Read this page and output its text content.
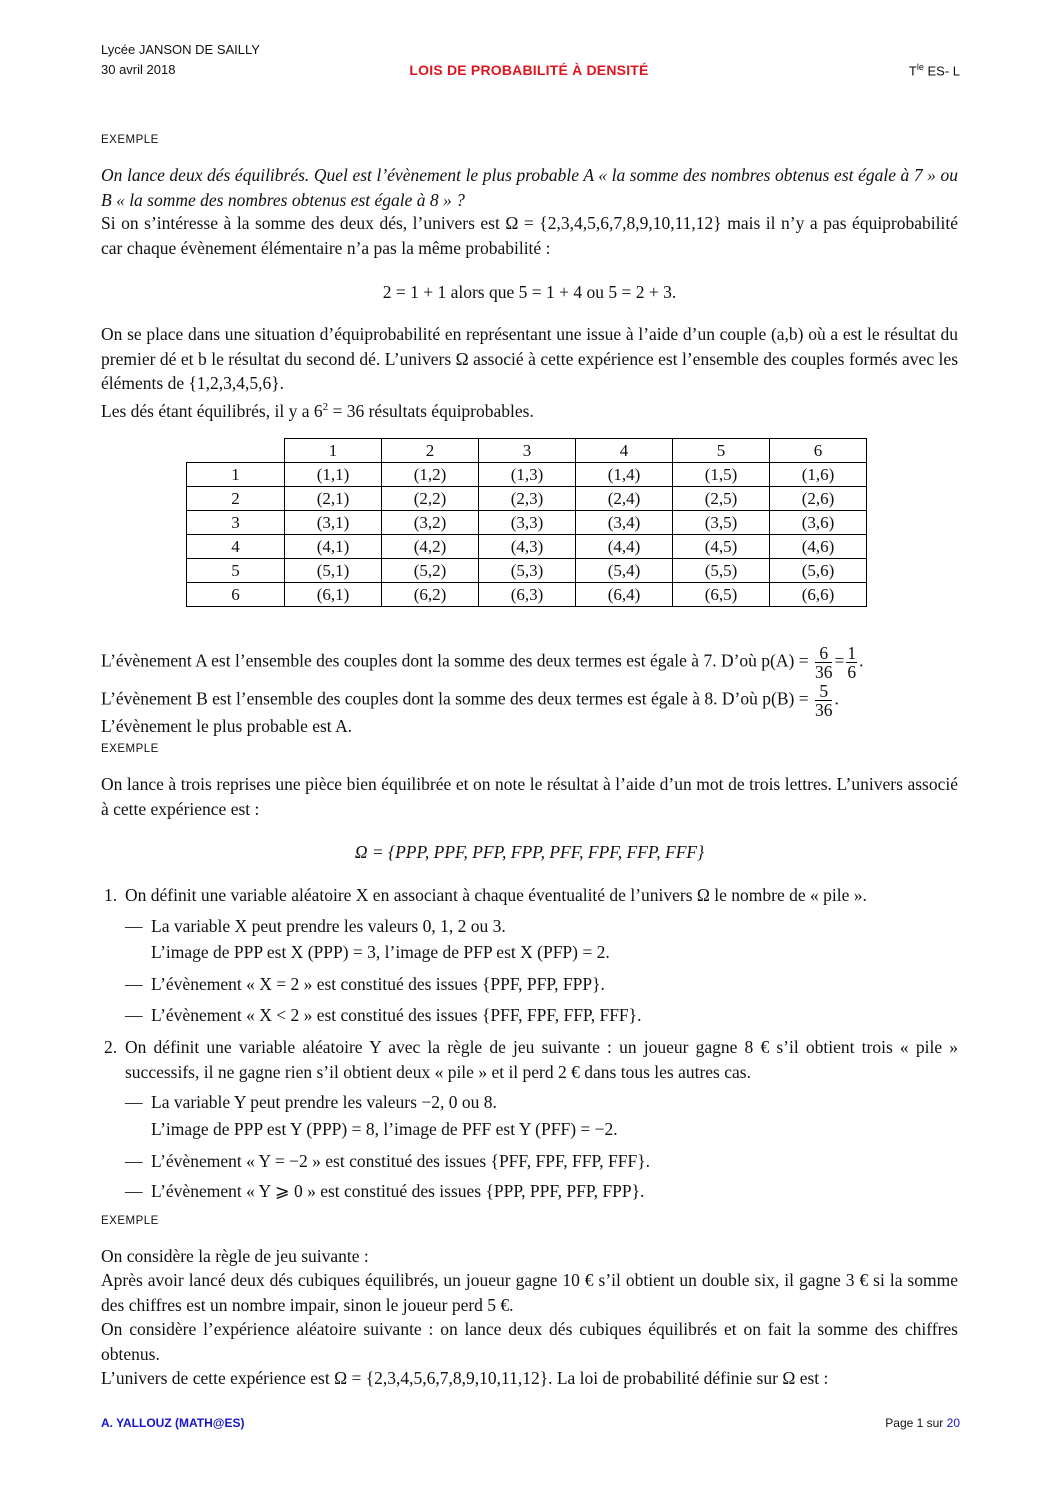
Lycée JANSON DE SAILLY
30 avril 2018	LOIS DE PROBABILITÉ À DENSITÉ	$T^{le}$ ES- L
EXEMPLE
On lance deux dés équilibrés. Quel est l’évènement le plus probable A « la somme des nombres obtenus est égale à 7 » ou B « la somme des nombres obtenus est égale à 8 » ?
Si on s’intéresse à la somme des deux dés, l’univers est Ω = {2,3,4,5,6,7,8,9,10,11,12} mais il n’y a pas équiprobabilité car chaque évènement élémentaire n’a pas la même probabilité :
2 = 1 + 1 alors que 5 = 1 + 4 ou 5 = 2 + 3.
On se place dans une situation d’équiprobabilité en représentant une issue à l’aide d’un couple (a,b) où a est le résultat du premier dé et b le résultat du second dé. L’univers Ω associé à cette expérience est l’ensemble des couples formés avec les éléments de {1,2,3,4,5,6}.
Les dés étant équilibrés, il y a $6^2 = 36$ résultats équiprobables.
	1	2	3	4	5	6
1	(1,1)	(1,2)	(1,3)	(1,4)	(1,5)	(1,6)
2	(2,1)	(2,2)	(2,3)	(2,4)	(2,5)	(2,6)
3	(3,1)	(3,2)	(3,3)	(3,4)	(3,5)	(3,6)
4	(4,1)	(4,2)	(4,3)	(4,4)	(4,5)	(4,6)
5	(5,1)	(5,2)	(5,3)	(5,4)	(5,5)	(5,6)
6	(6,1)	(6,2)	(6,3)	(6,4)	(6,5)	(6,6)
L’évènement A est l’ensemble des couples dont la somme des deux termes est égale à 7. D’où $p(A) = \frac{6}{36} = \frac{1}{6}$ .
L’évènement B est l’ensemble des couples dont la somme des deux termes est égale à 8. D’où $p(B) = \frac{5}{36}$ .
L’évènement le plus probable est A.
EXEMPLE
On lance à trois reprises une pièce bien équilibrée et on note le résultat à l’aide d’un mot de trois lettres. L’univers associé à cette expérience est :
Ω = {PPP, PPF, PFP, FPP, PFF, FPF, FFP, FFF}
1. On définit une variable aléatoire X en associant à chaque éventualité de l’univers Ω le nombre de « pile ».
— La variable X peut prendre les valeurs 0, 1, 2 ou 3.
L’image de PPP est X (PPP) = 3, l’image de PFP est X (PFP) = 2.
— L’évènement « X = 2 » est constitué des issues {PPF, PFP, FPP}.
— L’évènement « X < 2 » est constitué des issues {PFF, FPF, FFP, FFF}.
2. On définit une variable aléatoire Y avec la règle de jeu suivante : un joueur gagne 8 € s’il obtient trois « pile » successifs, il ne gagne rien s’il obtient deux « pile » et il perd 2 € dans tous les autres cas.
— La variable Y peut prendre les valeurs −2, 0 ou 8.
L’image de PPP est Y (PPP) = 8, l’image de PFF est Y (PFF) = −2.
— L’évènement « Y = −2 » est constitué des issues {PFF, FPF, FFP, FFF}.
— L’évènement « Y ⩾ 0 » est constitué des issues {PPP, PPF, PFP, FPP}.
EXEMPLE
On considère la règle de jeu suivante :
Après avoir lancé deux dés cubiques équilibrés, un joueur gagne 10 € s’il obtient un double six, il gagne 3 € si la somme des chiffres est un nombre impair, sinon le joueur perd 5 €.
On considère l’expérience aléatoire suivante : on lance deux dés cubiques équilibrés et on fait la somme des chiffres obtenus.
L’univers de cette expérience est Ω = {2,3,4,5,6,7,8,9,10,11,12}. La loi de probabilité définie sur Ω est :
A. YALLOUZ (MATH@ES)	Page 1 sur 20
